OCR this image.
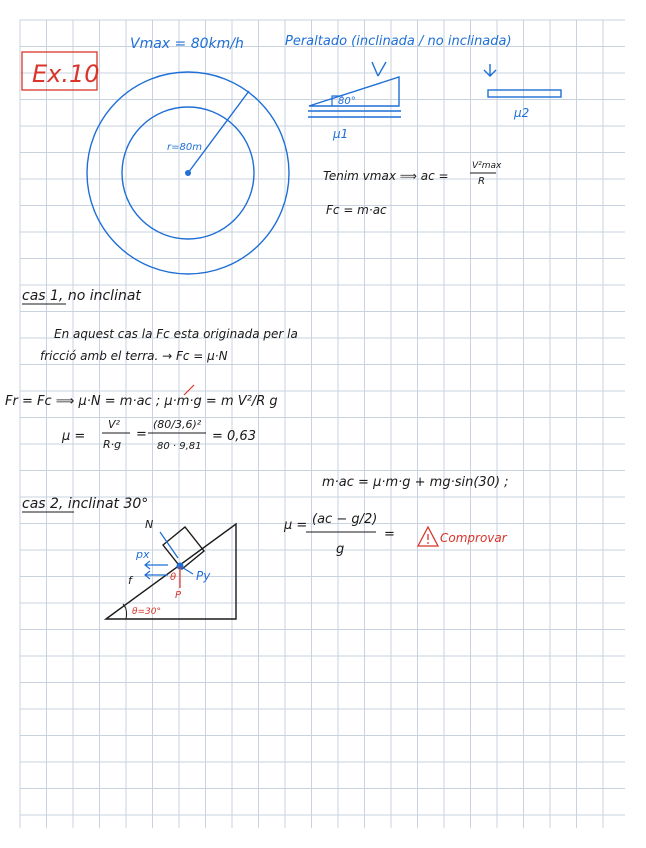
Ex.10
Vmax = 80km/h	Peraltado (inclinada / no inclinada)
r=80m
80°
μ1
μ2
Tenim vmax ⟹ ac =
V²max
R
Fc = m·ac
cas 1, no inclinat
En aquest cas la Fc esta originada per la
fricció amb el terra. → Fc = μ·N
Fr = Fc ⟹ μ·N = m·ac ; μ·m·g = m V²/R g
μ =
V²
R·g
=
(80/3,6)²
80 · 9,81
= 0,63
cas 2, inclinat 30°
N
px
f	Py
θ
P
θ=30°
m·ac = μ·m·g + mg·sin(30) ;
μ = (ac − g/2)
g
=	Comprovar
